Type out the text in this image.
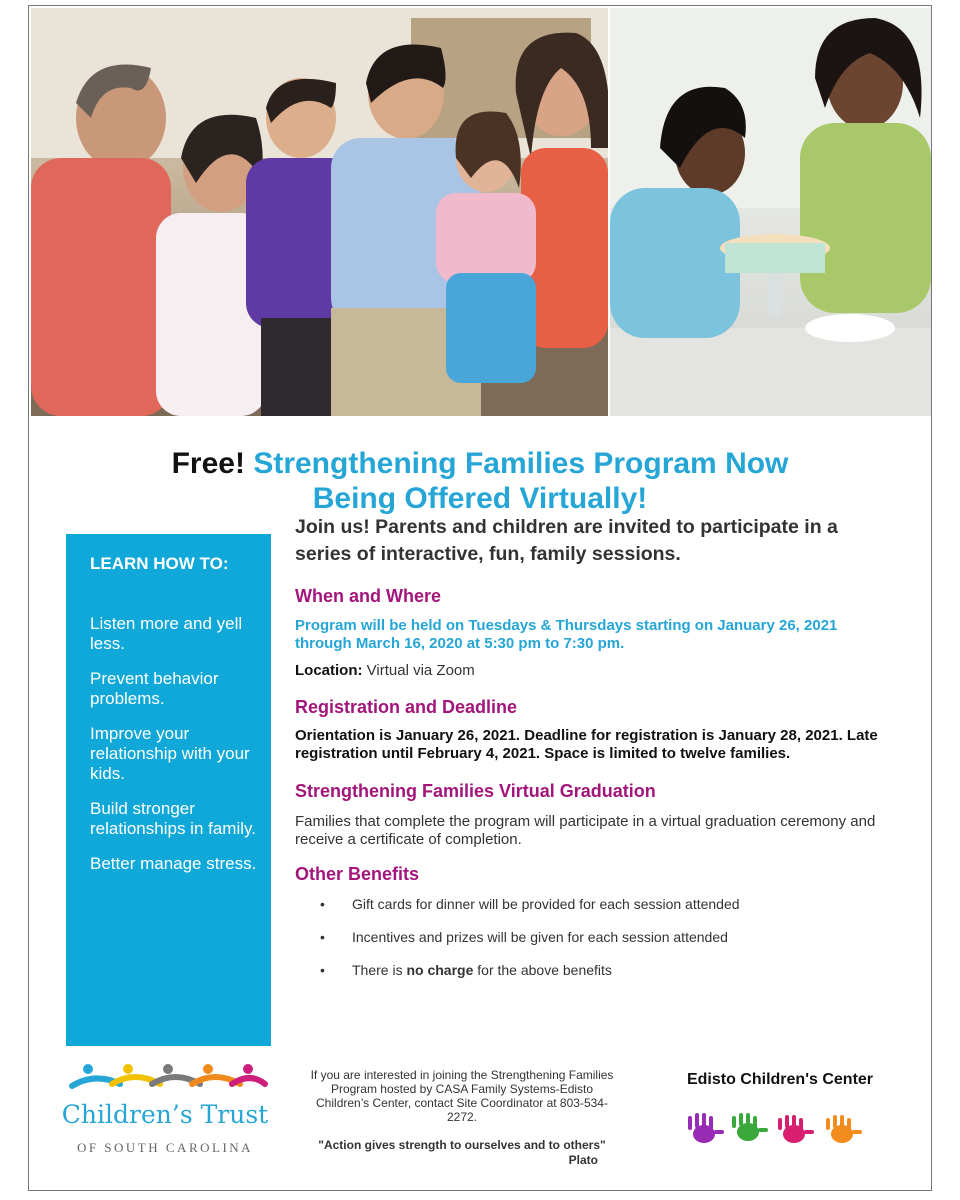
Free! Strengthening Families Program Now
Being Offered Virtually!
LEARN HOW TO:
Listen more and yell less.
Prevent behavior problems.
Improve your relationship with your kids.
Build stronger relationships in family.
Better manage stress.
Join us! Parents and children are invited to participate in a series of interactive, fun, family sessions.
When and Where
Program will be held on Tuesdays & Thursdays starting on January 26, 2021 through March 16, 2020 at 5:30 pm to 7:30 pm.
Location: Virtual via Zoom
Registration and Deadline
Orientation is January 26, 2021. Deadline for registration is January 28, 2021. Late registration until February 4, 2021. Space is limited to twelve families.
Strengthening Families Virtual Graduation
Families that complete the program will participate in a virtual graduation ceremony and receive a certificate of completion.
Other Benefits
• Gift cards for dinner will be provided for each session attended
• Incentives and prizes will be given for each session attended
• There is no charge for the above benefits
Children’s Trust
OF SOUTH CAROLINA
If you are interested in joining the Strengthening Families Program hosted by CASA Family Systems-Edisto Children’s Center, contact Site Coordinator at 803-534-2272.
"Action gives strength to ourselves and to others"
Plato
Edisto Children's Center
